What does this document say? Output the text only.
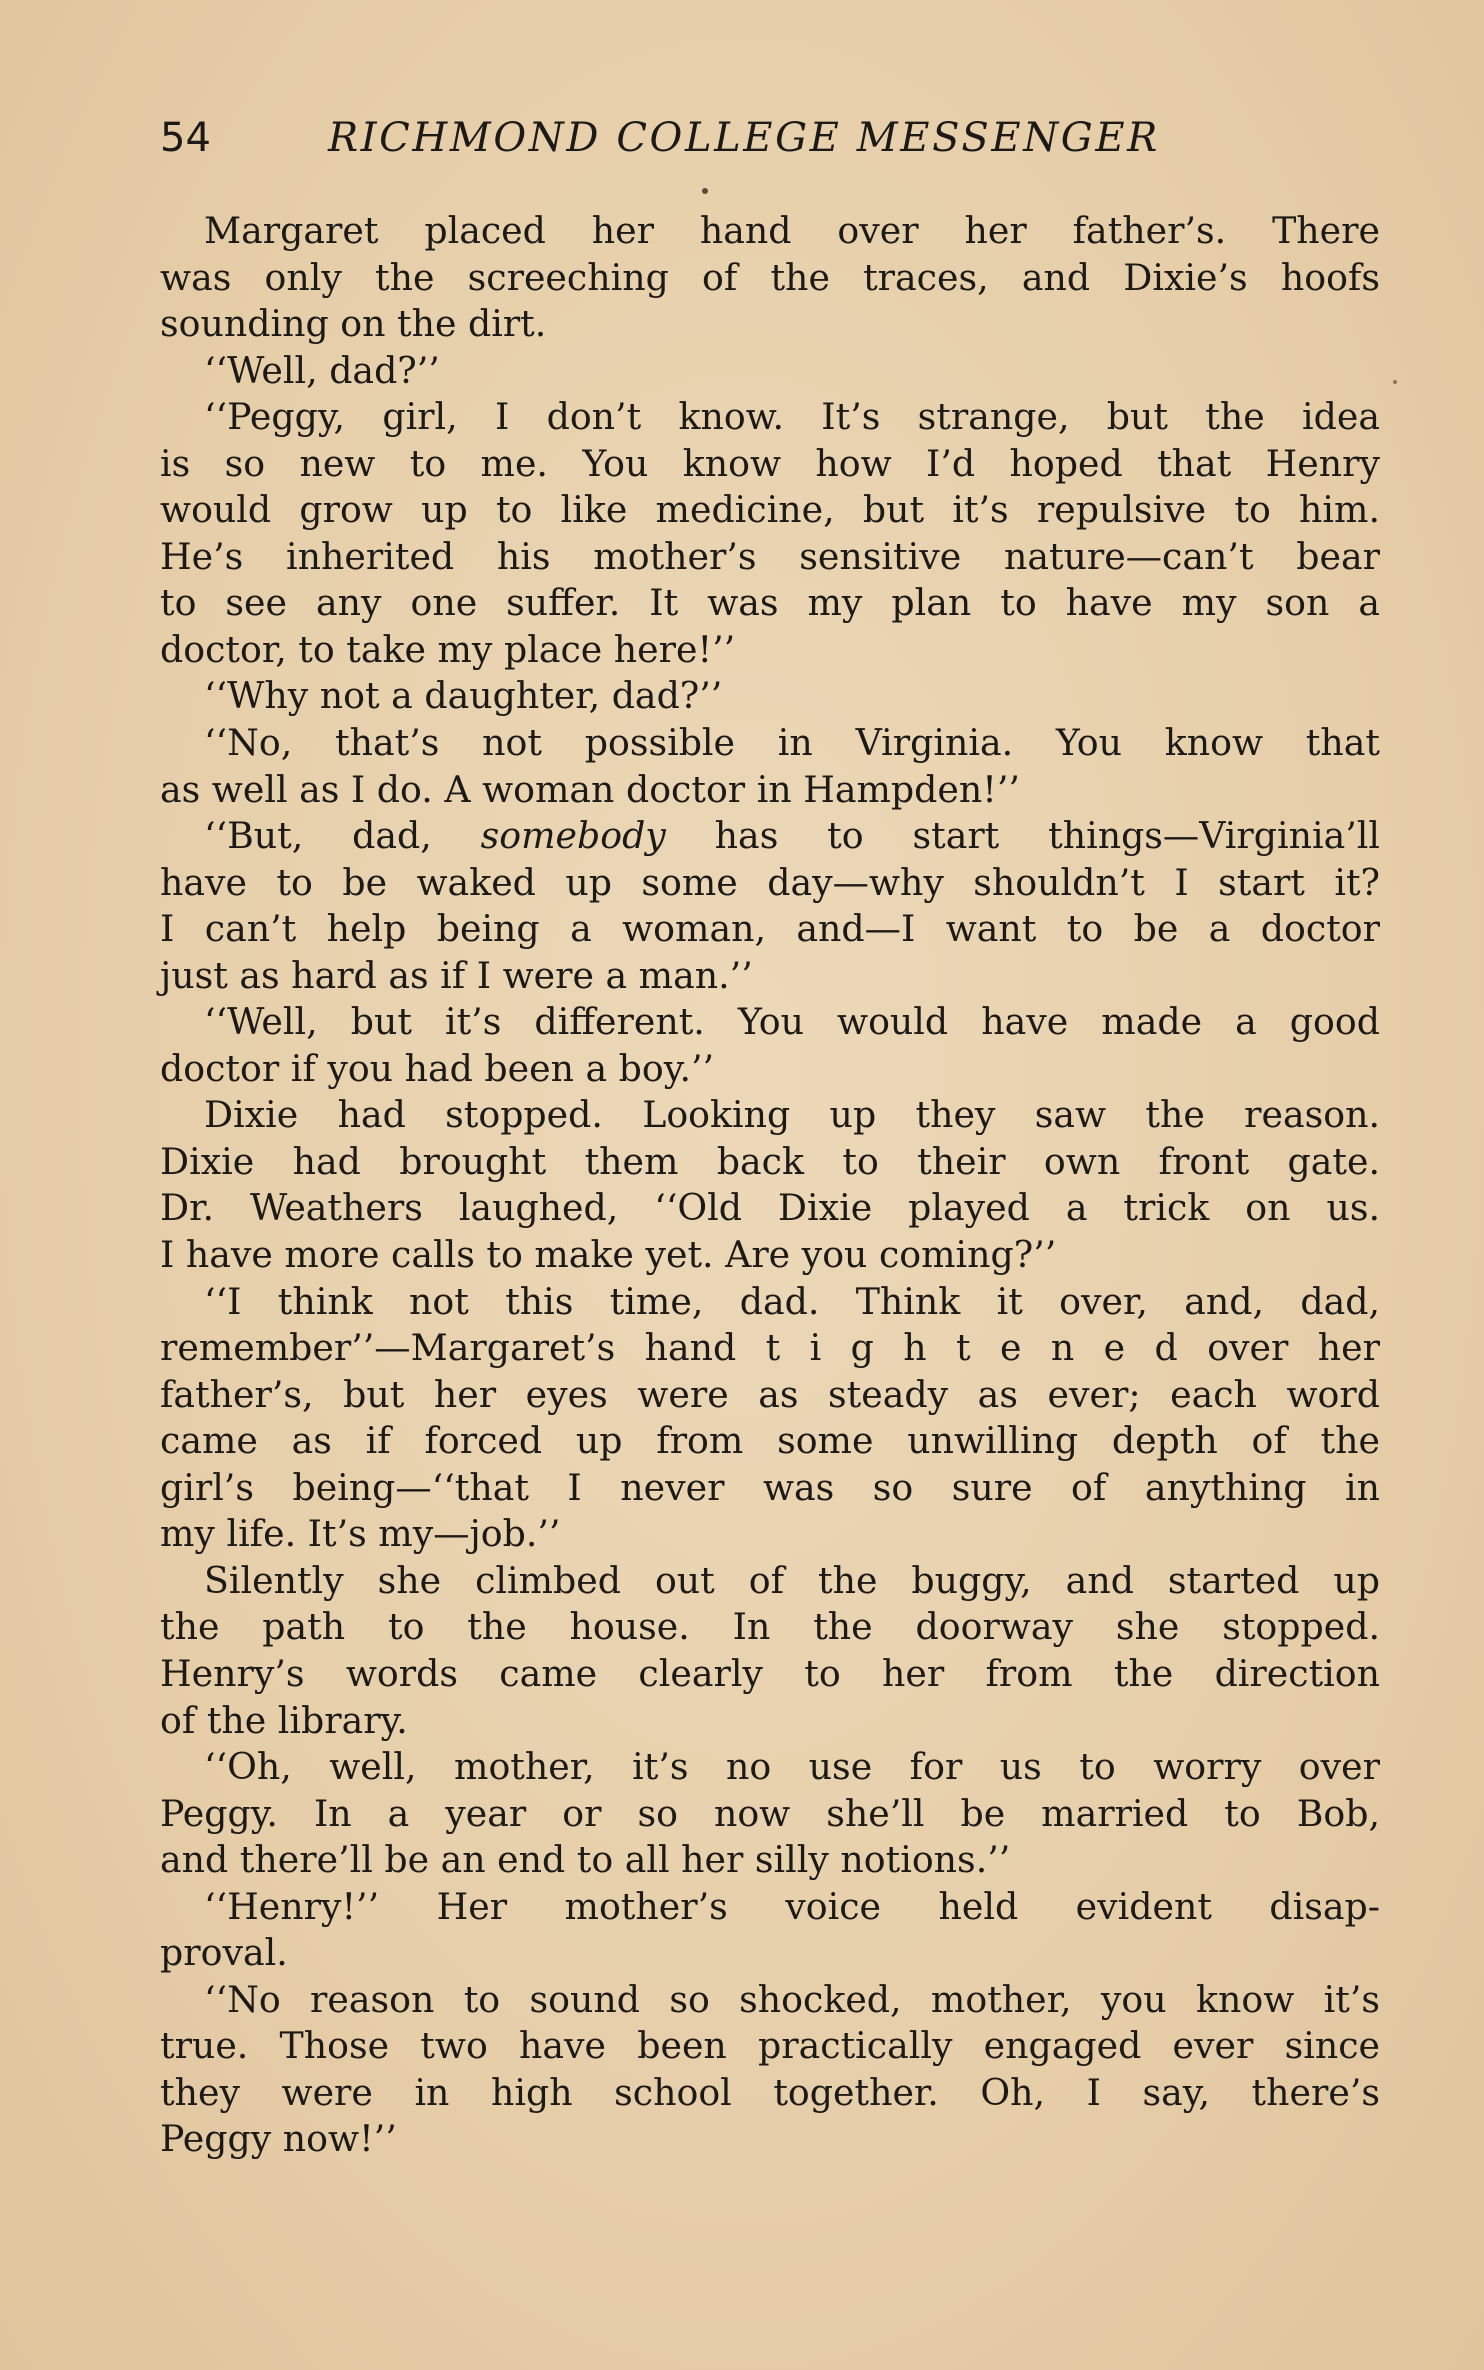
54	RICHMOND COLLEGE MESSENGER
Margaret placed her hand over her father’s. There
was only the screeching of the traces, and Dixie’s hoofs
sounding on the dirt.
‘‘Well, dad?’’
‘‘Peggy, girl, I don’t know. It’s strange, but the idea
is so new to me. You know how I’d hoped that Henry
would grow up to like medicine, but it’s repulsive to him.
He’s inherited his mother’s sensitive nature—can’t bear
to see any one suffer. It was my plan to have my son a
doctor, to take my place here!’’
‘‘Why not a daughter, dad?’’
‘‘No, that’s not possible in Virginia. You know that
as well as I do. A woman doctor in Hampden!’’
‘‘But, dad, somebody has to start things—Virginia’ll
have to be waked up some day—why shouldn’t I start it?
I can’t help being a woman, and—I want to be a doctor
just as hard as if I were a man.’’
‘‘Well, but it’s different. You would have made a good
doctor if you had been a boy.’’
Dixie had stopped. Looking up they saw the reason.
Dixie had brought them back to their own front gate.
Dr. Weathers laughed, ‘‘Old Dixie played a trick on us.
I have more calls to make yet. Are you coming?’’
‘‘I think not this time, dad. Think it over, and, dad,
remember’’—Margaret’s hand t i g h t e n e d over her
father’s, but her eyes were as steady as ever; each word
came as if forced up from some unwilling depth of the
girl’s being—‘‘that I never was so sure of anything in
my life. It’s my—job.’’
Silently she climbed out of the buggy, and started up
the path to the house. In the doorway she stopped.
Henry’s words came clearly to her from the direction
of the library.
‘‘Oh, well, mother, it’s no use for us to worry over
Peggy. In a year or so now she’ll be married to Bob,
and there’ll be an end to all her silly notions.’’
‘‘Henry!’’ Her mother’s voice held evident disap-
proval.
‘‘No reason to sound so shocked, mother, you know it’s
true. Those two have been practically engaged ever since
they were in high school together. Oh, I say, there’s
Peggy now!’’
